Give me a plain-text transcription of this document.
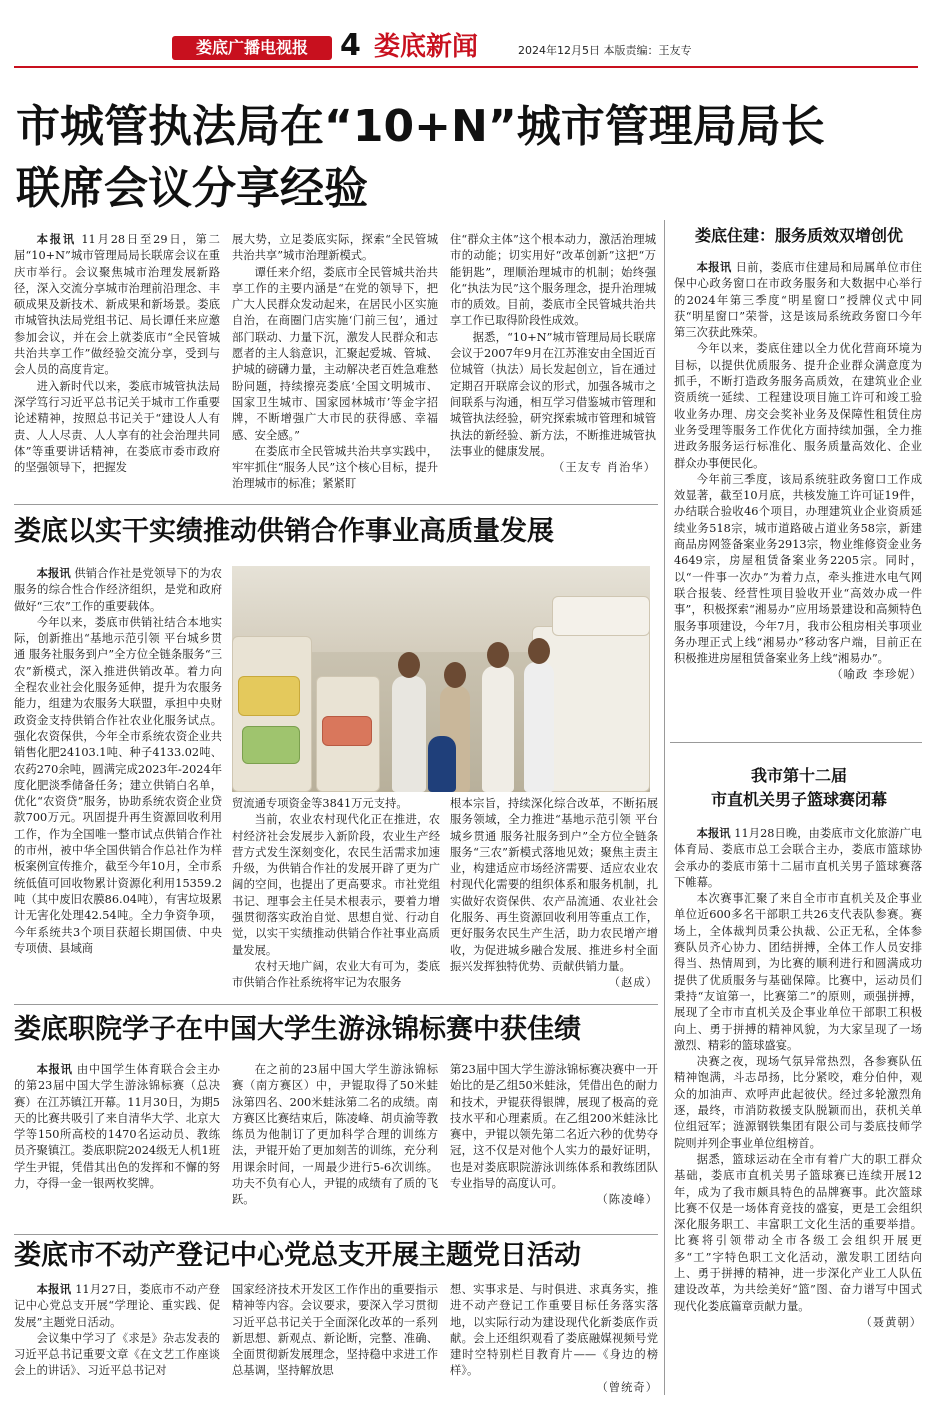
娄底广播电视报	4 娄底新闻	2024年12月5日 本版责编：王友专
市城管执法局在“10+N”城市管理局局长
联席会议分享经验

本报讯 11月28日至29日，第二届“10+N”城市管理局局长联席会议在重庆市举行。会议聚焦城市治理发展新路径，深入交流分享城市治理前沿理念、丰硕成果及新技术、新成果和新场景。娄底市城管执法局党组书记、局长谭任来应邀参加会议，并在会上就娄底市“全民管城共治共享工作”做经验交流分享，受到与会人员的高度肯定。

进入新时代以来，娄底市城管执法局深学笃行习近平总书记关于城市工作重要论述精神，按照总书记关于“建设人人有责、人人尽责、人人享有的社会治理共同体”等重要讲话精神，在娄底市委市政府的坚强领导下，把握发

展大势，立足娄底实际，探索“全民管城共治共享”城市治理新模式。

谭任来介绍，娄底市全民管城共治共享工作的主要内涵是“在党的领导下，把广大人民群众发动起来，在居民小区实施自治，在商圈门店实施‘门前三包’，通过部门联动、力量下沉，激发人民群众和志愿者的主人翁意识，汇聚起爱城、管城、护城的磅礴力量，主动解决老百姓急难愁盼问题，持续擦亮娄底‘全国文明城市、国家卫生城市、国家园林城市’等金字招牌，不断增强广大市民的获得感、幸福感、安全感。”

在娄底市全民管城共治共享实践中，牢牢抓住“服务人民”这个核心目标，提升治理城市的标准；紧紧盯

住“群众主体”这个根本动力，激活治理城市的动能；切实用好“改革创新”这把“万能钥匙”，理顺治理城市的机制；始终强化“执法为民”这个服务理念，提升治理城市的质效。目前，娄底市全民管城共治共享工作已取得阶段性成效。

据悉，“10+N”城市管理局局长联席会议于2007年9月在江苏淮安由全国近百位城管（执法）局长发起创立，旨在通过定期召开联席会议的形式，加强各城市之间联系与沟通，相互学习借鉴城市管理和城管执法经验，研究探索城市管理和城管执法的新经验、新方法，不断推进城管执法事业的健康发展。

（王友专 肖治华）
娄底住建：服务质效双增创优

本报讯 日前，娄底市住建局和局属单位市住保中心政务窗口在市政务服务和大数据中心举行的2024年第三季度“明星窗口”授牌仪式中同获“明星窗口”荣誉，这是该局系统政务窗口今年第三次获此殊荣。

今年以来，娄底住建以全力优化营商环境为目标，以提供优质服务、提升企业群众满意度为抓手，不断打造政务服务高质效，在建筑业企业资质统一延续、工程建设项目施工许可和竣工验收业务办理、房交会奖补业务及保障性租赁住房业务受理等服务工作优化方面持续加强，全力推进政务服务运行标准化、服务质量高效化、企业群众办事便民化。

今年前三季度，该局系统驻政务窗口工作成效显著，截至10月底，共核发施工许可证19件，办结联合验收46个项目，办理建筑业企业资质延续业务518宗，城市道路破占道业务58宗，新建商品房网签备案业务2913宗，物业维修资金业务4649宗，房屋租赁备案业务2205宗。同时，以“一件事一次办”为着力点，牵头推进水电气网联合报装、经营性项目验收开业“高效办成一件事”，积极探索“湘易办”应用场景建设和高频特色服务事项建设，今年7月，我市公租房相关事项业务办理正式上线“湘易办”移动客户端，目前正在积极推进房屋租赁备案业务上线“湘易办”。

（喻政 李珍妮）
我市第十二届
市直机关男子篮球赛闭幕

本报讯 11月28日晚，由娄底市文化旅游广电体育局、娄底市总工会联合主办，娄底市篮球协会承办的娄底市第十二届市直机关男子篮球赛落下帷幕。

本次赛事汇聚了来自全市市直机关及企事业单位近600多名干部职工共26支代表队参赛。赛场上，全体裁判员秉公执裁、公正无私，全体参赛队员齐心协力、团结拼搏，全体工作人员安排得当、热情周到，为比赛的顺利进行和圆满成功提供了优质服务与基础保障。比赛中，运动员们秉持“友谊第一，比赛第二”的原则，顽强拼搏，展现了全市市直机关及企事业单位干部职工积极向上、勇于拼搏的精神风貌，为大家呈现了一场激烈、精彩的篮球盛宴。

决赛之夜，现场气氛异常热烈，各参赛队伍精神饱满，斗志昂扬，比分紧咬，难分伯仲，观众的加油声、欢呼声此起彼伏。经过多轮激烈角逐，最终，市消防救援支队脱颖而出，获机关单位组冠军；涟源钢铁集团有限公司与娄底技师学院则并列企事业单位组榜首。

据悉，篮球运动在全市有着广大的职工群众基础，娄底市直机关男子篮球赛已连续开展12年，成为了我市颇具特色的品牌赛事。此次篮球比赛不仅是一场体育竞技的盛宴，更是工会组织深化服务职工、丰富职工文化生活的重要举措。比赛将引领带动全市各级工会组织开展更多“工”字特色职工文化活动，激发职工团结向上、勇于拼搏的精神，进一步深化产业工人队伍建设改革，为共绘美好“篮”图、奋力谱写中国式现代化娄底篇章贡献力量。

（聂黄朝）
娄底以实干实绩推动供销合作事业高质量发展

本报讯 供销合作社是党领导下的为农服务的综合性合作经济组织，是党和政府做好“三农”工作的重要载体。

今年以来，娄底市供销社结合本地实际，创新推出“基地示范引领 平台城乡贯通 服务社服务到户”全方位全链条服务“三农”新模式，深入推进供销改革。着力向全程农业社会化服务延伸，提升为农服务能力，组建为农服务大联盟，承担中央财政资金支持供销合作社农业化服务试点。强化农资保供，今年全市系统农资企业共销售化肥24103.1吨、种子4133.02吨、农药270余吨，圆满完成2023年-2024年度化肥淡季储备任务；建立供销白名单，优化“农资贷”服务，协助系统农资企业贷款700万元。巩固提升再生资源回收利用工作，作为全国唯一整市试点供销合作社的市州，被中华全国供销合作总社作为样板案例宣传推介，截至今年10月，全市系统低值可回收物累计资源化利用15359.2吨（其中废旧农膜86.04吨），有害垃圾累计无害化处理42.54吨。全力争资争项，今年系统共3个项目获超长期国债、中央专项债、县域商

贸流通专项资金等3841万元支持。

当前，农业农村现代化正在推进，农村经济社会发展步入新阶段，农业生产经营方式发生深刻变化，农民生活需求加速升级，为供销合作社的发展开辟了更为广阔的空间，也提出了更高要求。市社党组书记、理事会主任吴术根表示，要着力增强贯彻落实政治自觉、思想自觉、行动自觉，以实干实绩推动供销合作社事业高质量发展。

农村天地广阔，农业大有可为，娄底市供销合作社系统将牢记为农服务

根本宗旨，持续深化综合改革，不断拓展服务领域，全力推进“基地示范引领 平台城乡贯通 服务社服务到户”全方位全链条服务“三农”新模式落地见效；聚焦主责主业，构建适应市场经济需要、适应农业农村现代化需要的组织体系和服务机制，扎实做好农资保供、农产品流通、农业社会化服务、再生资源回收利用等重点工作，更好服务农民生产生活，助力农民增产增收，为促进城乡融合发展、推进乡村全面振兴发挥独特优势、贡献供销力量。

（赵成）
娄底职院学子在中国大学生游泳锦标赛中获佳绩

本报讯 由中国学生体育联合会主办的第23届中国大学生游泳锦标赛（总决赛）在江苏镇江开幕。11月30日，为期5天的比赛共吸引了来自清华大学、北京大学等150所高校的1470名运动员、教练员齐聚镇江。娄底职院2024级无人机1班学生尹锟，凭借其出色的发挥和不懈的努力，夺得一金一银两枚奖牌。

在之前的23届中国大学生游泳锦标赛（南方赛区）中，尹锟取得了50米蛙泳第四名、200米蛙泳第二名的成绩。南方赛区比赛结束后，陈凌峰、胡贞渝等教练员为他制订了更加科学合理的训练方法，尹锟开始了更加刻苦的训练，充分利用课余时间，一周最少进行5-6次训练。功夫不负有心人，尹锟的成绩有了质的飞跃。

第23届中国大学生游泳锦标赛决赛中一开始比的是乙组50米蛙泳，凭借出色的耐力和技术，尹锟获得银牌，展现了极高的竞技水平和心理素质。在乙组200米蛙泳比赛中，尹锟以领先第二名近六秒的优势夺冠，这不仅是对他个人实力的最好证明，也是对娄底职院游泳训练体系和教练团队专业指导的高度认可。

（陈凌峰）
娄底市不动产登记中心党总支开展主题党日活动

本报讯 11月27日，娄底市不动产登记中心党总支开展“学理论、重实践、促发展”主题党日活动。

会议集中学习了《求是》杂志发表的习近平总书记重要文章《在文艺工作座谈会上的讲话》、习近平总书记对

国家经济技术开发区工作作出的重要指示精神等内容。会议要求，要深入学习贯彻习近平总书记关于全面深化改革的一系列新思想、新观点、新论断，完整、准确、全面贯彻新发展理念，坚持稳中求进工作总基调，坚持解放思

想、实事求是、与时俱进、求真务实，推进不动产登记工作重要目标任务落实落地，以实际行动为建设现代化新娄底作贡献。会上还组织观看了娄底融媒视频号党建时空特别栏目教育片——《身边的榜样》。

（曾统奇）
